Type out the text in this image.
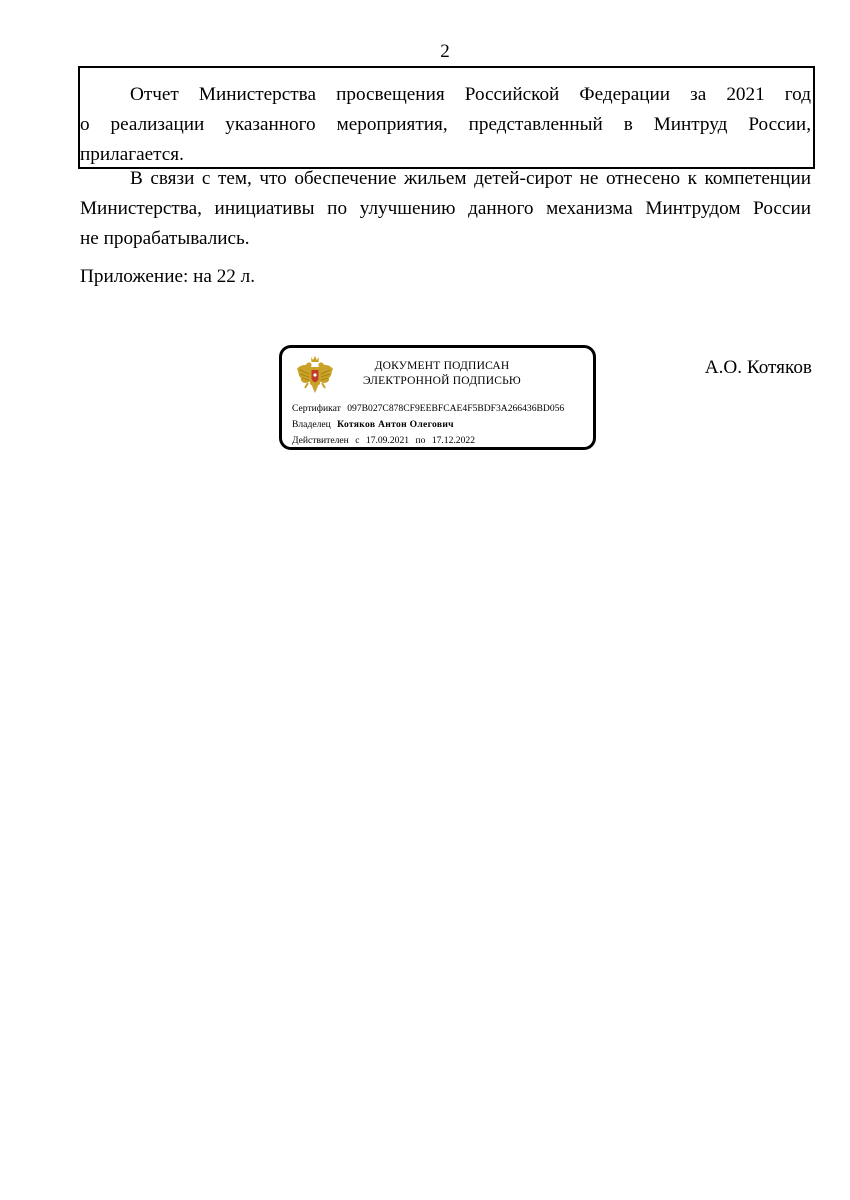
2
Отчет Министерства просвещения Российской Федерации за 2021 год
о реализации указанного мероприятия, представленный в Минтруд России,
прилагается.
В связи с тем, что обеспечение жильем детей-сирот не отнесено к компетенции
Министерства, инициативы по улучшению данного механизма Минтрудом России
не прорабатывались.
Приложение: на 22 л.
ДОКУМЕНТ ПОДПИСАН
ЭЛЕКТРОННОЙ ПОДПИСЬЮ
Сертификат 097B027C878CF9EEBFCAE4F5BDF3A266436BD056
Владелец Котяков Антон Олегович
Действителен с 17.09.2021 по 17.12.2022
А.О. Котяков
